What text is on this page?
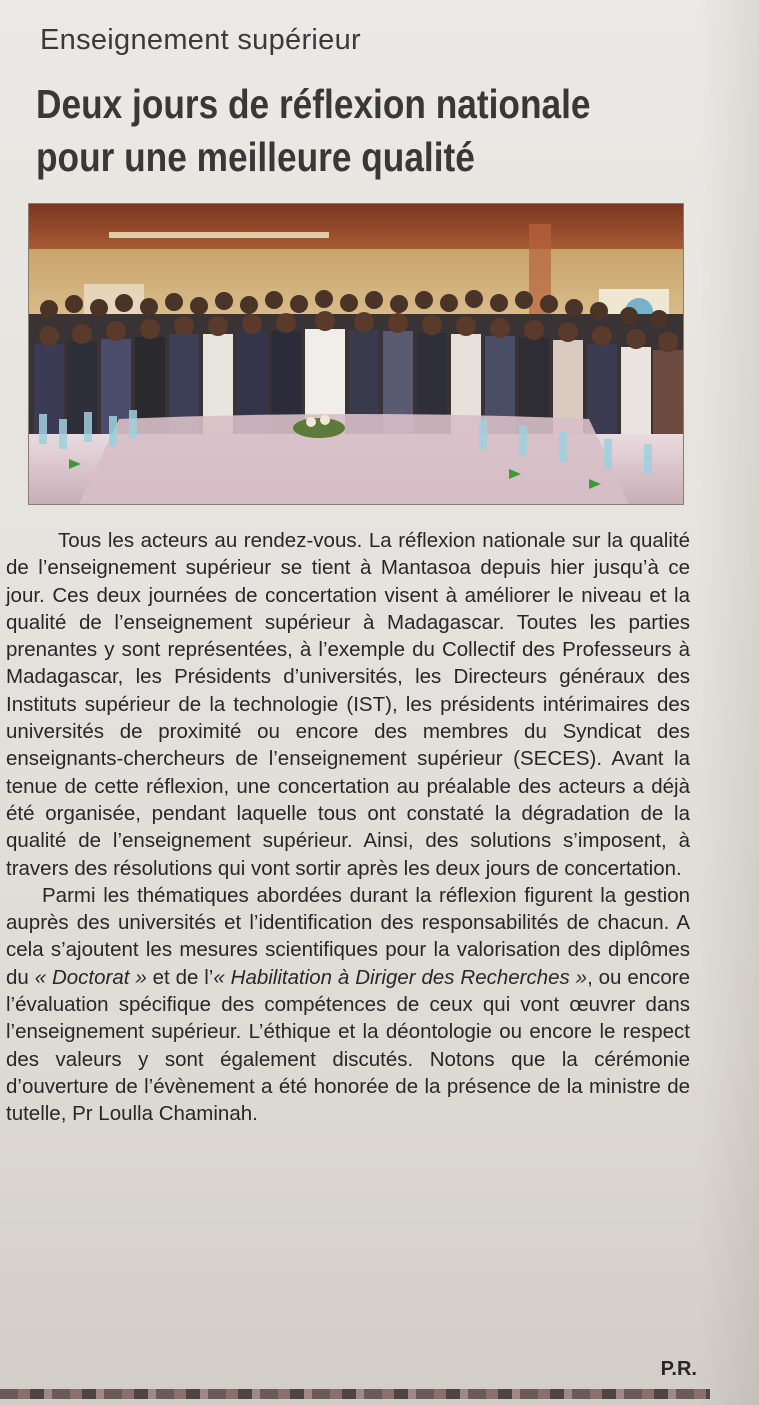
Enseignement supérieur
Deux jours de réflexion nationale
pour une meilleure qualité

Tous les acteurs au rendez-vous. La réflexion nationale sur la qualité de l’enseignement supérieur se tient à Mantasoa depuis hier jusqu’à ce jour. Ces deux journées de concertation visent à améliorer le niveau et la qualité de l’enseignement supérieur à Madagascar. Toutes les parties prenantes y sont représentées, à l’exemple du Collectif des Professeurs à Madagascar, les Présidents d’universités, les Directeurs généraux des Instituts supérieur de la technologie (IST), les présidents intérimaires des universités de proximité ou encore des membres du Syndicat des enseignants-chercheurs de l’enseignement supérieur (SECES). Avant la tenue de cette réflexion, une concertation au préalable des acteurs a déjà été organisée, pendant laquelle tous ont constaté la dégradation de la qualité de l’enseignement supérieur. Ainsi, des solutions s’imposent, à travers des résolutions qui vont sortir après les deux jours de concertation.

Parmi les thématiques abordées durant la réflexion figurent la gestion auprès des universités et l’identification des responsabilités de chacun. A cela s’ajoutent les mesures scientifiques pour la valorisation des diplômes du « Doctorat » et de l’« Habilitation à Diriger des Recherches », ou encore l’évaluation spécifique des compétences de ceux qui vont œuvrer dans l’enseignement supérieur. L’éthique et la déontologie ou encore le respect des valeurs y sont également discutés. Notons que la cérémonie d’ouverture de l’évènement a été honorée de la présence de la ministre de tutelle, Pr Loulla Chaminah.

P.R.
